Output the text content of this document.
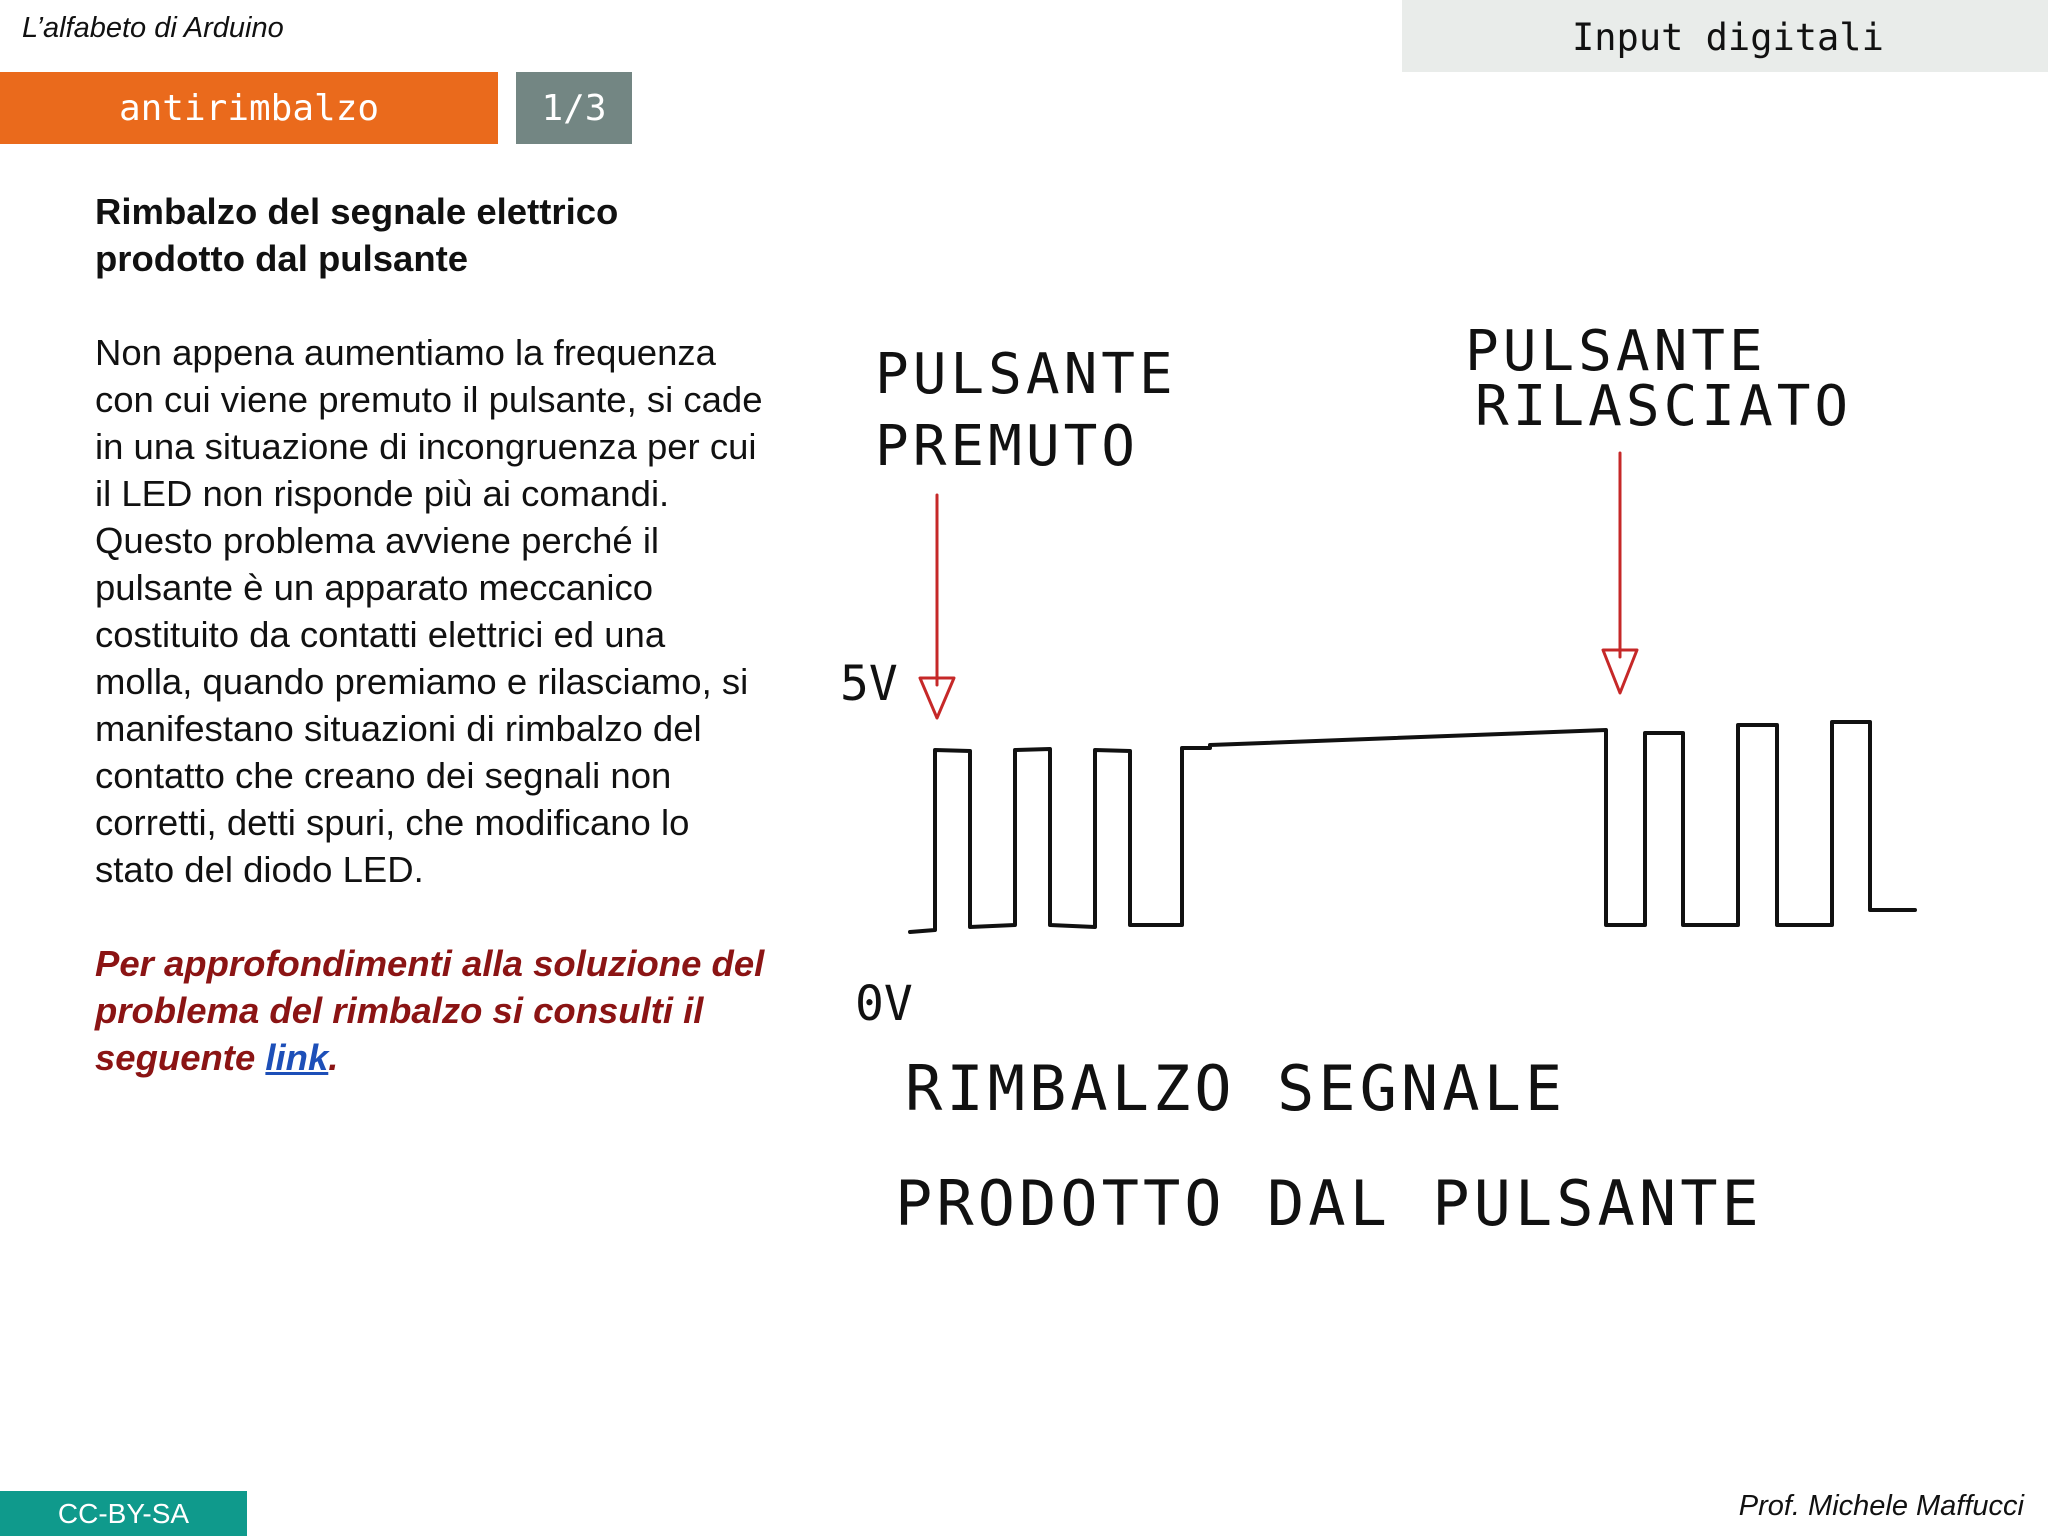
L’alfabeto di Arduino	Input digitali
antirimbalzo	1/3

Rimbalzo del segnale elettrico
prodotto dal pulsante

Non appena aumentiamo la frequenza
con cui viene premuto il pulsante, si cade
in una situazione di incongruenza per cui
il LED non risponde più ai comandi.
Questo problema avviene perché il
pulsante è un apparato meccanico
costituito da contatti elettrici ed una
molla, quando premiamo e rilasciamo, si
manifestano situazioni di rimbalzo del
contatto che creano dei segnali non
corretti, detti spuri, che modificano lo
stato del diodo LED.

Per approfondimenti alla soluzione del
problema del rimbalzo si consulti il
seguente link.

PULSANTE
PREMUTO
PULSANTE
RILASCIATO
5V
0V
RIMBALZO SEGNALE
PRODOTTO DAL PULSANTE
CC-BY-SA	Prof. Michele Maffucci
